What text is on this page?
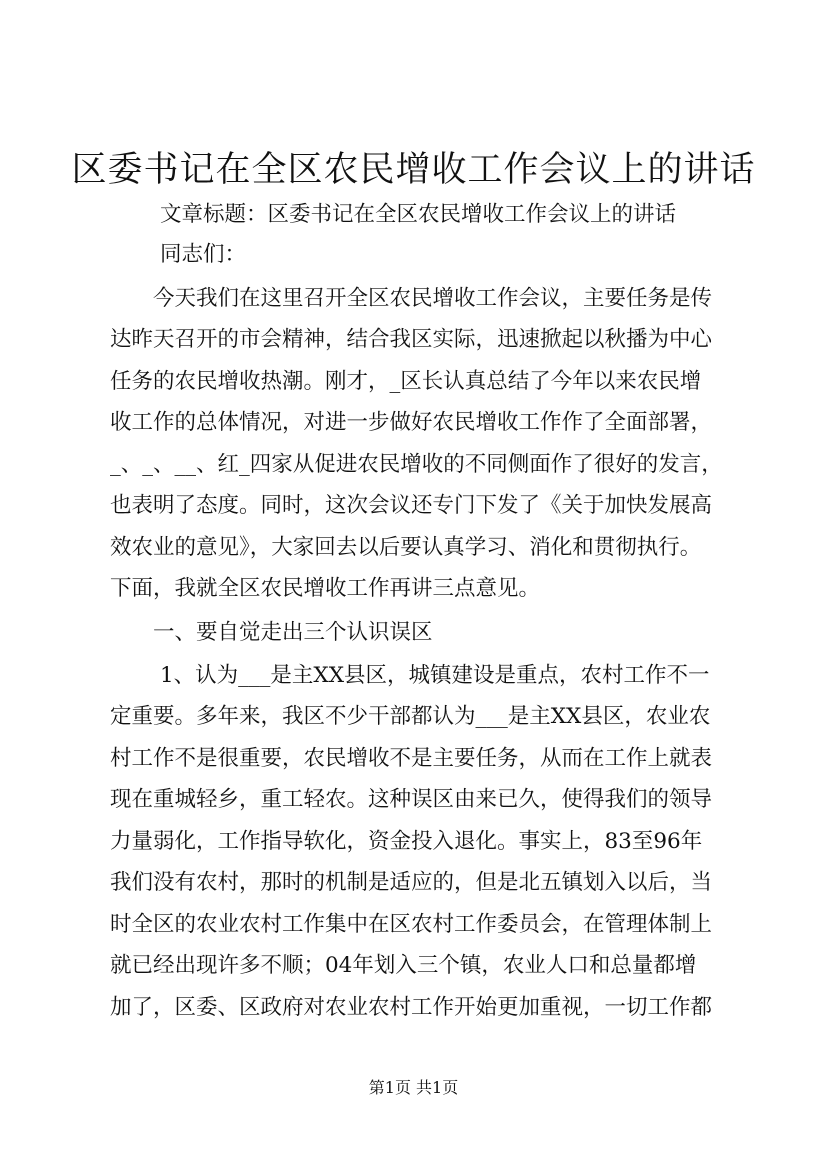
区委书记在全区农民增收工作会议上的讲话
文章标题：区委书记在全区农民增收工作会议上的讲话
同志们：
今天我们在这里召开全区农民增收工作会议，主要任务是传
达昨天召开的市会精神，结合我区实际，迅速掀起以秋播为中心
任务的农民增收热潮。刚才，_区长认真总结了今年以来农民增
收工作的总体情况，对进一步做好农民增收工作作了全面部署，
_、_、__、红_四家从促进农民增收的不同侧面作了很好的发言，
也表明了态度。同时，这次会议还专门下发了《关于加快发展高
效农业的意见》，大家回去以后要认真学习、消化和贯彻执行。
下面，我就全区农民增收工作再讲三点意见。
一、要自觉走出三个认识误区
1、认为___是主XX县区，城镇建设是重点，农村工作不一
定重要。多年来，我区不少干部都认为___是主XX县区，农业农
村工作不是很重要，农民增收不是主要任务，从而在工作上就表
现在重城轻乡，重工轻农。这种误区由来已久，使得我们的领导
力量弱化，工作指导软化，资金投入退化。事实上，83至96年
我们没有农村，那时的机制是适应的，但是北五镇划入以后，当
时全区的农业农村工作集中在区农村工作委员会，在管理体制上
就已经出现许多不顺；04年划入三个镇，农业人口和总量都增
加了，区委、区政府对农业农村工作开始更加重视，一切工作都
第1页 共1页
